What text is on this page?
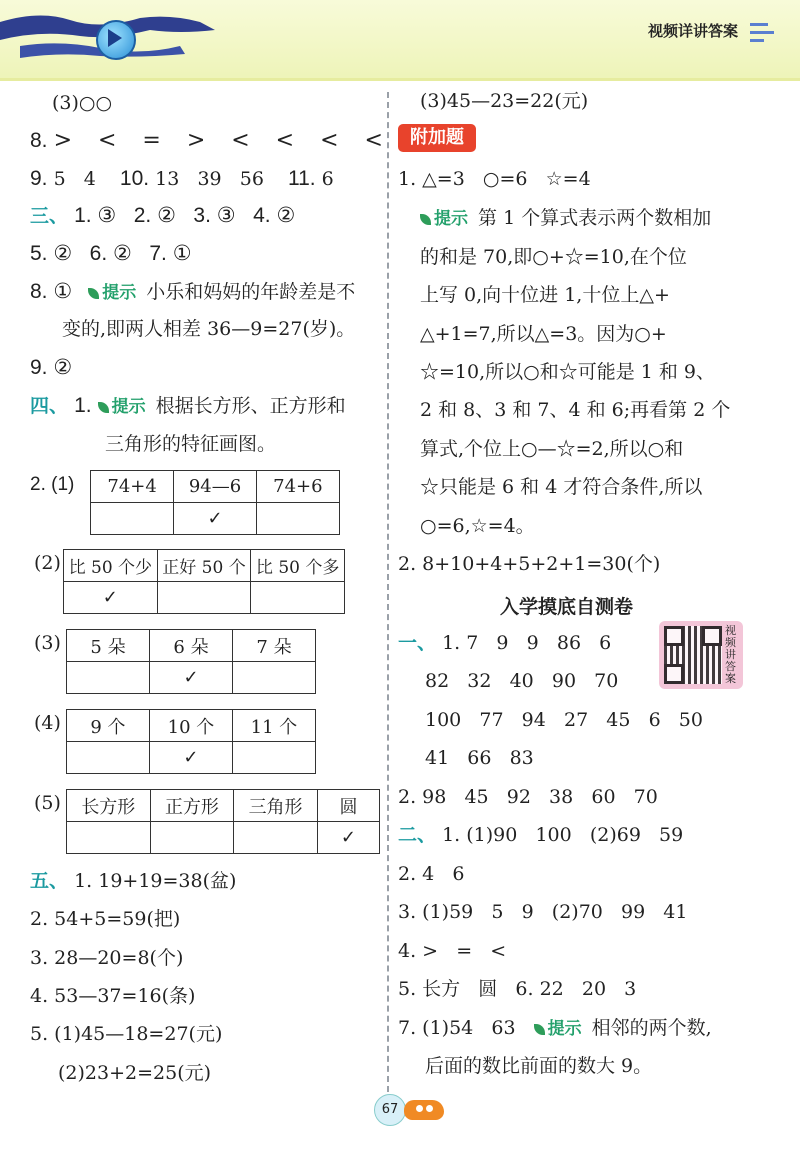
视频详讲答案
(3)○○
8. >  <  =  >  <  <  <  <
9. 5   4 10. 13   39   56 11. 6
三、 1. ③   2. ②   3. ③   4. ②
5. ②   6. ②   7. ①
8. ① 提示 小乐和妈妈的年龄差是不
变的,即两人相差 36—9=27(岁)。
9. ②
四、 1. 提示 根据长方形、正方形和
三角形的特征画图。
2. (1) 74+4	94—6	74+6
	✓	
(2) 比 50 个少	正好 50 个	比 50 个多
✓		
(3) 5 朵	6 朵	7 朵
	✓	
(4) 9 个	10 个	11 个
	✓	
(5) 长方形	正方形	三角形	圆
			✓
五、 1. 19+19=38(盆)
2. 54+5=59(把)
3. 28—20=8(个)
4. 53—37=16(条)
5. (1)45—18=27(元)
(2)23+2=25(元)
(3)45—23=22(元)
附加题
1. △=3   ○=6   ☆=4
提示 第 1 个算式表示两个数相加
的和是 70,即○+☆=10,在个位
上写 0,向十位进 1,十位上△+
△+1=7,所以△=3。因为○+
☆=10,所以○和☆可能是 1 和 9、
2 和 8、3 和 7、4 和 6;再看第 2 个
算式,个位上○—☆=2,所以○和
☆只能是 6 和 4 才符合条件,所以
○=6,☆=4。
2. 8+10+4+5+2+1=30(个)
入学摸底自测卷
一、 1. 7   9   9   86   6
82   32   40   90   70
100   77   94   27   45   6   50
41   66   83
视频讲答案
2. 98   45   92   38   60   70
二、 1. (1)90   100   (2)69   59
2. 4   6
3. (1)59   5   9   (2)70   99   41
4. >   =   <
5. 长方   圆   6. 22   20   3
7. (1)54   63 提示 相邻的两个数,
后面的数比前面的数大 9。
67
